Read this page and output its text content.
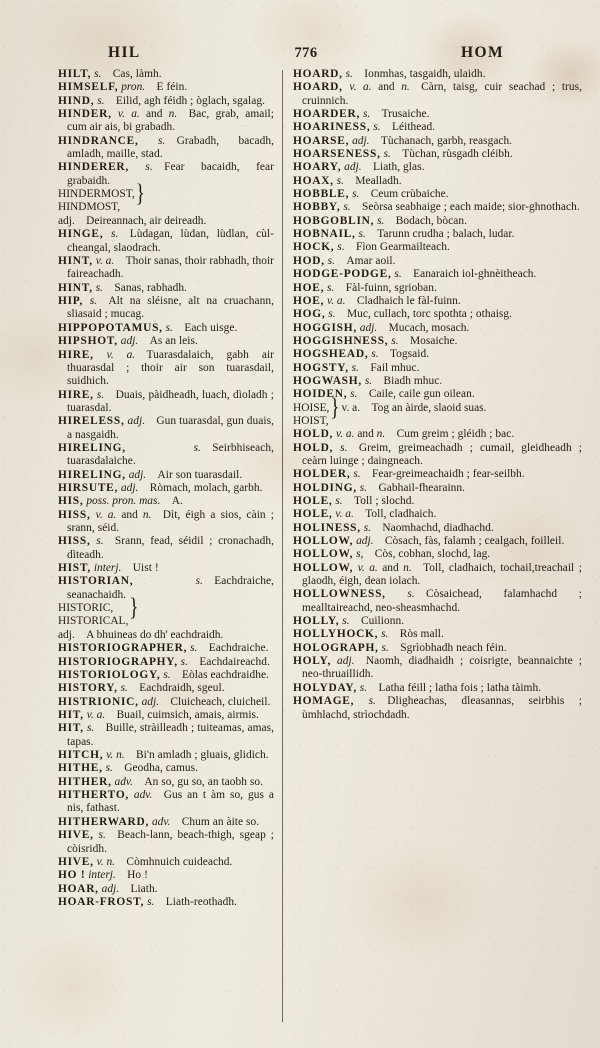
HIL	776	HOM

HILT, s.   Cas, làmh.

HIMSELF, pron.   E féin.

HIND, s.   Eilid, agh féidh ; òglach, sgalag.

HINDER, v. a. and n.   Bac, grab, amail; cum air ais, bi grabadh.

HINDRANCE, s.   Grabadh, bacadh, amladh, maille, stad.

HINDERER, s.   Fear bacaidh, fear grabaidh.

HINDERMOST,
HINDMOST, }adj.   Deireannach, air deireadh.

HINGE, s.   Lùdagan, lùdan, lùdlan, cùl-cheangal, slaodrach.

HINT, v. a.   Thoir sanas, thoir rabhadh, thoir faireachadh.

HINT, s.   Sanas, rabhadh.

HIP, s.   Alt na sléisne, alt na cruachann, sliasaid ; mucag.

HIPPOPOTAMUS, s.   Each uisge.

HIPSHOT, adj.   As an leis.

HIRE, v. a.   Tuarasdalaich, gabh air thuarasdal ; thoir air son tuarasdail, suidhich.

HIRE, s.   Duais, pàidheadh, luach, dìoladh ; tuarasdal.

HIRELESS, adj.   Gun tuarasdal, gun duais, a nasgaidh.

HIRELING,	s.   Seirbhiseach, tuarasdalaiche.

HIRELING, adj.   Air son tuarasdail.

HIRSUTE, adj.   Ròmach, molach, garbh.

HIS, poss. pron. mas.   A.

HISS, v. a. and n.   Dìt, éigh a sios, càin ; srann, séid.

HISS, s.   Srann, fead, séidil ; cronachadh, dìteadh.

HIST, interj.   Uist !

HISTORIAN,	s.   Eachdraiche, seanachaidh.

HISTORIC,
HISTORICAL,}adj.   A bhuineas do dh' eachdraidh.

HISTORIOGRAPHER, s.   Eachdraiche.

HISTORIOGRAPHY, s.   Eachdaireachd.

HISTORIOLOGY, s.   Eòlas eachdraidhe.

HISTORY, s.   Eachdraidh, sgeul.

HISTRIONIC, adj.   Cluicheach, cluicheil.

HIT, v. a.   Buail, cuimsich, amais, airmis.

HIT, s.   Buille, stràilleadh ; tuiteamas, amas, tapas.

HITCH, v. n.   Bi'n amladh ; gluais, glidich.

HITHE, s.   Geodha, camus.

HITHER, adv.   An so, gu so, an taobh so.

HITHERTO, adv.   Gus an t àm so, gus a nis, fathast.

HITHERWARD, adv.   Chum an àite so.

HIVE, s.   Beach-lann, beach-thigh, sgeap ; còisridh.

HIVE, v. n.   Còmhnuich cuideachd.

HO ! interj.   Ho !

HOAR, adj.   Liath.

HOAR-FROST, s.   Liath-reothadh.

HOARD, s.   Ionmhas, tasgaidh, ulaidh.

HOARD, v. a. and n.   Càrn, taisg, cuir seachad ; trus, cruinnich.

HOARDER, s.   Trusaiche.

HOARINESS, s.   Léithead.

HOARSE, adj.   Tùchanach, garbh, reasgach.

HOARSENESS, s.   Tùchan, rùsgadh cléibh.

HOARY, adj.   Liath, glas.

HOAX, s.   Mealladh.

HOBBLE, s.   Ceum crùbaiche.

HOBBY, s.   Seòrsa seabhaige ; each maide; sior-ghnothach.

HOBGOBLIN, s.   Bodach, bòcan.

HOBNAIL, s.   Tarunn crudha ; balach, ludar.

HOCK, s.   Fìon Gearmailteach.

HOD, s.   Amar aoil.

HODGE-PODGE, s.   Eanaraich iol-ghnèitheach.

HOE, s.   Fàl-fuinn, sgrioban.

HOE, v. a.   Cladhaich le fàl-fuinn.

HOG, s.   Muc, cullach, torc spothta ; othaisg.

HOGGISH, adj.   Mucach, mosach.

HOGGISHNESS, s.   Mosaiche.

HOGSHEAD, s.   Togsaid.

HOGSTY, s.   Fail mhuc.

HOGWASH, s.   Biadh mhuc.

HOIDEN, s.   Caile, caile gun oilean.

HOISE,
HOIST,} v. a.   Tog an àirde, slaoid suas.

HOLD, v. a. and n.   Cum greim ; gléidh ; bac.

HOLD, s.   Greim, greimeachadh ; cumail, gleidheadh ; ceàrn luinge ; daingneach.

HOLDER, s.   Fear-greimeachaidh ; fear-seilbh.

HOLDING, s.   Gabhail-fhearainn.

HOLE, s.   Toll ; slochd.

HOLE, v. a.   Toll, cladhaich.

HOLINESS, s.   Naomhachd, diadhachd.

HOLLOW, adj.   Còsach, fàs, falamh ; cealgach, foilleil.

HOLLOW, s,   Còs, cobhan, slochd, lag.

HOLLOW, v. a. and n.   Toll, cladhaich, tochail,treachail ; glaodh, éigh, dean iolach.

HOLLOWNESS, s.   Còsaichead, falamhachd ; mealltaireachd, neo-sheasmhachd.

HOLLY, s.   Cuilionn.

HOLLYHOCK, s.   Ròs mall.

HOLOGRAPH, s.   Sgrìobhadh neach féin.

HOLY, adj.   Naomh, diadhaidh ; coisrigte, beannaichte ; neo-thruaillidh.

HOLYDAY, s.   Latha féill ; latha fois ; latha tàimh.

HOMAGE, s.   Dligheachas, dleasannas, seirbhis ; ùmhlachd, strìochdadh.
